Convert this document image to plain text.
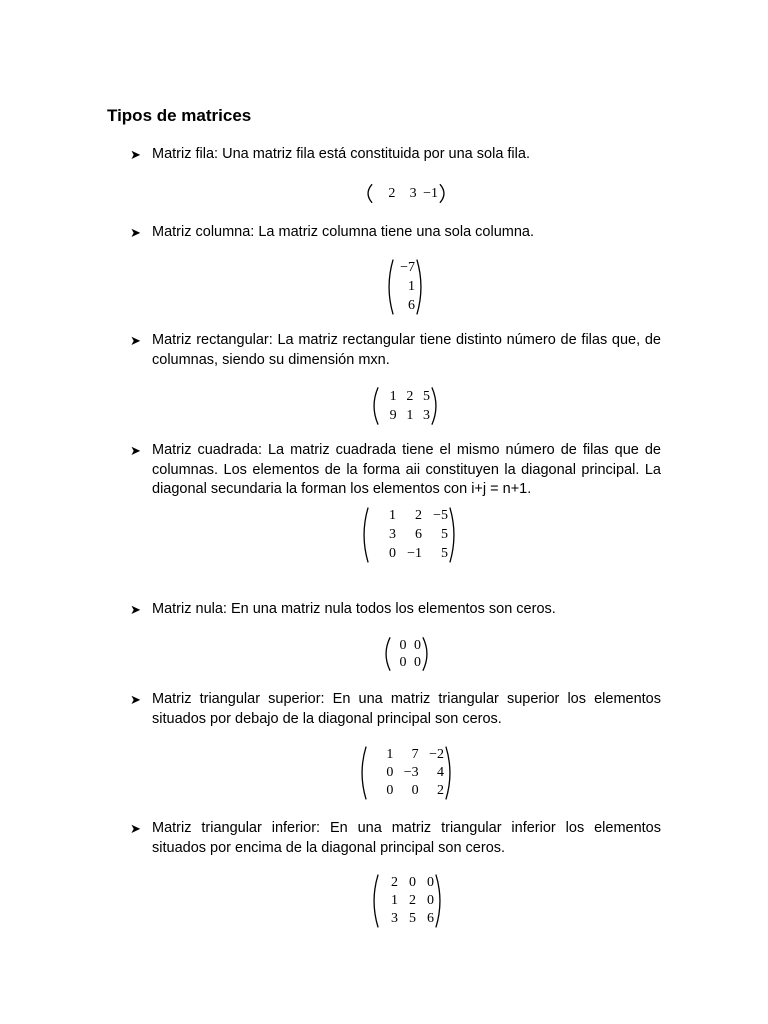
Tipos de matrices
➤ Matriz fila: Una matriz fila está constituida por una sola fila.
2	3 −1
➤ Matriz columna: La matriz columna tiene una sola columna.
−7
1
6
➤ Matriz rectangular: La matriz rectangular tiene distinto número de filas que, de columnas, siendo su dimensión mxn.
1 2 5
9 1 3
➤ Matriz cuadrada: La matriz cuadrada tiene el mismo número de filas que de columnas. Los elementos de la forma aii constituyen la diagonal principal. La diagonal secundaria la forman los elementos con i+j = n+1.
1	2 −5
3	6	5
0 −1	5
➤ Matriz nula: En una matriz nula todos los elementos son ceros.
0 0
0 0
➤ Matriz triangular superior: En una matriz triangular superior los elementos situados por debajo de la diagonal principal son ceros.
1	7 −2
0 −3	4
0	0	2
➤ Matriz triangular inferior: En una matriz triangular inferior los elementos situados por encima de la diagonal principal son ceros.
2 0 0
1 2 0
3 5 6
